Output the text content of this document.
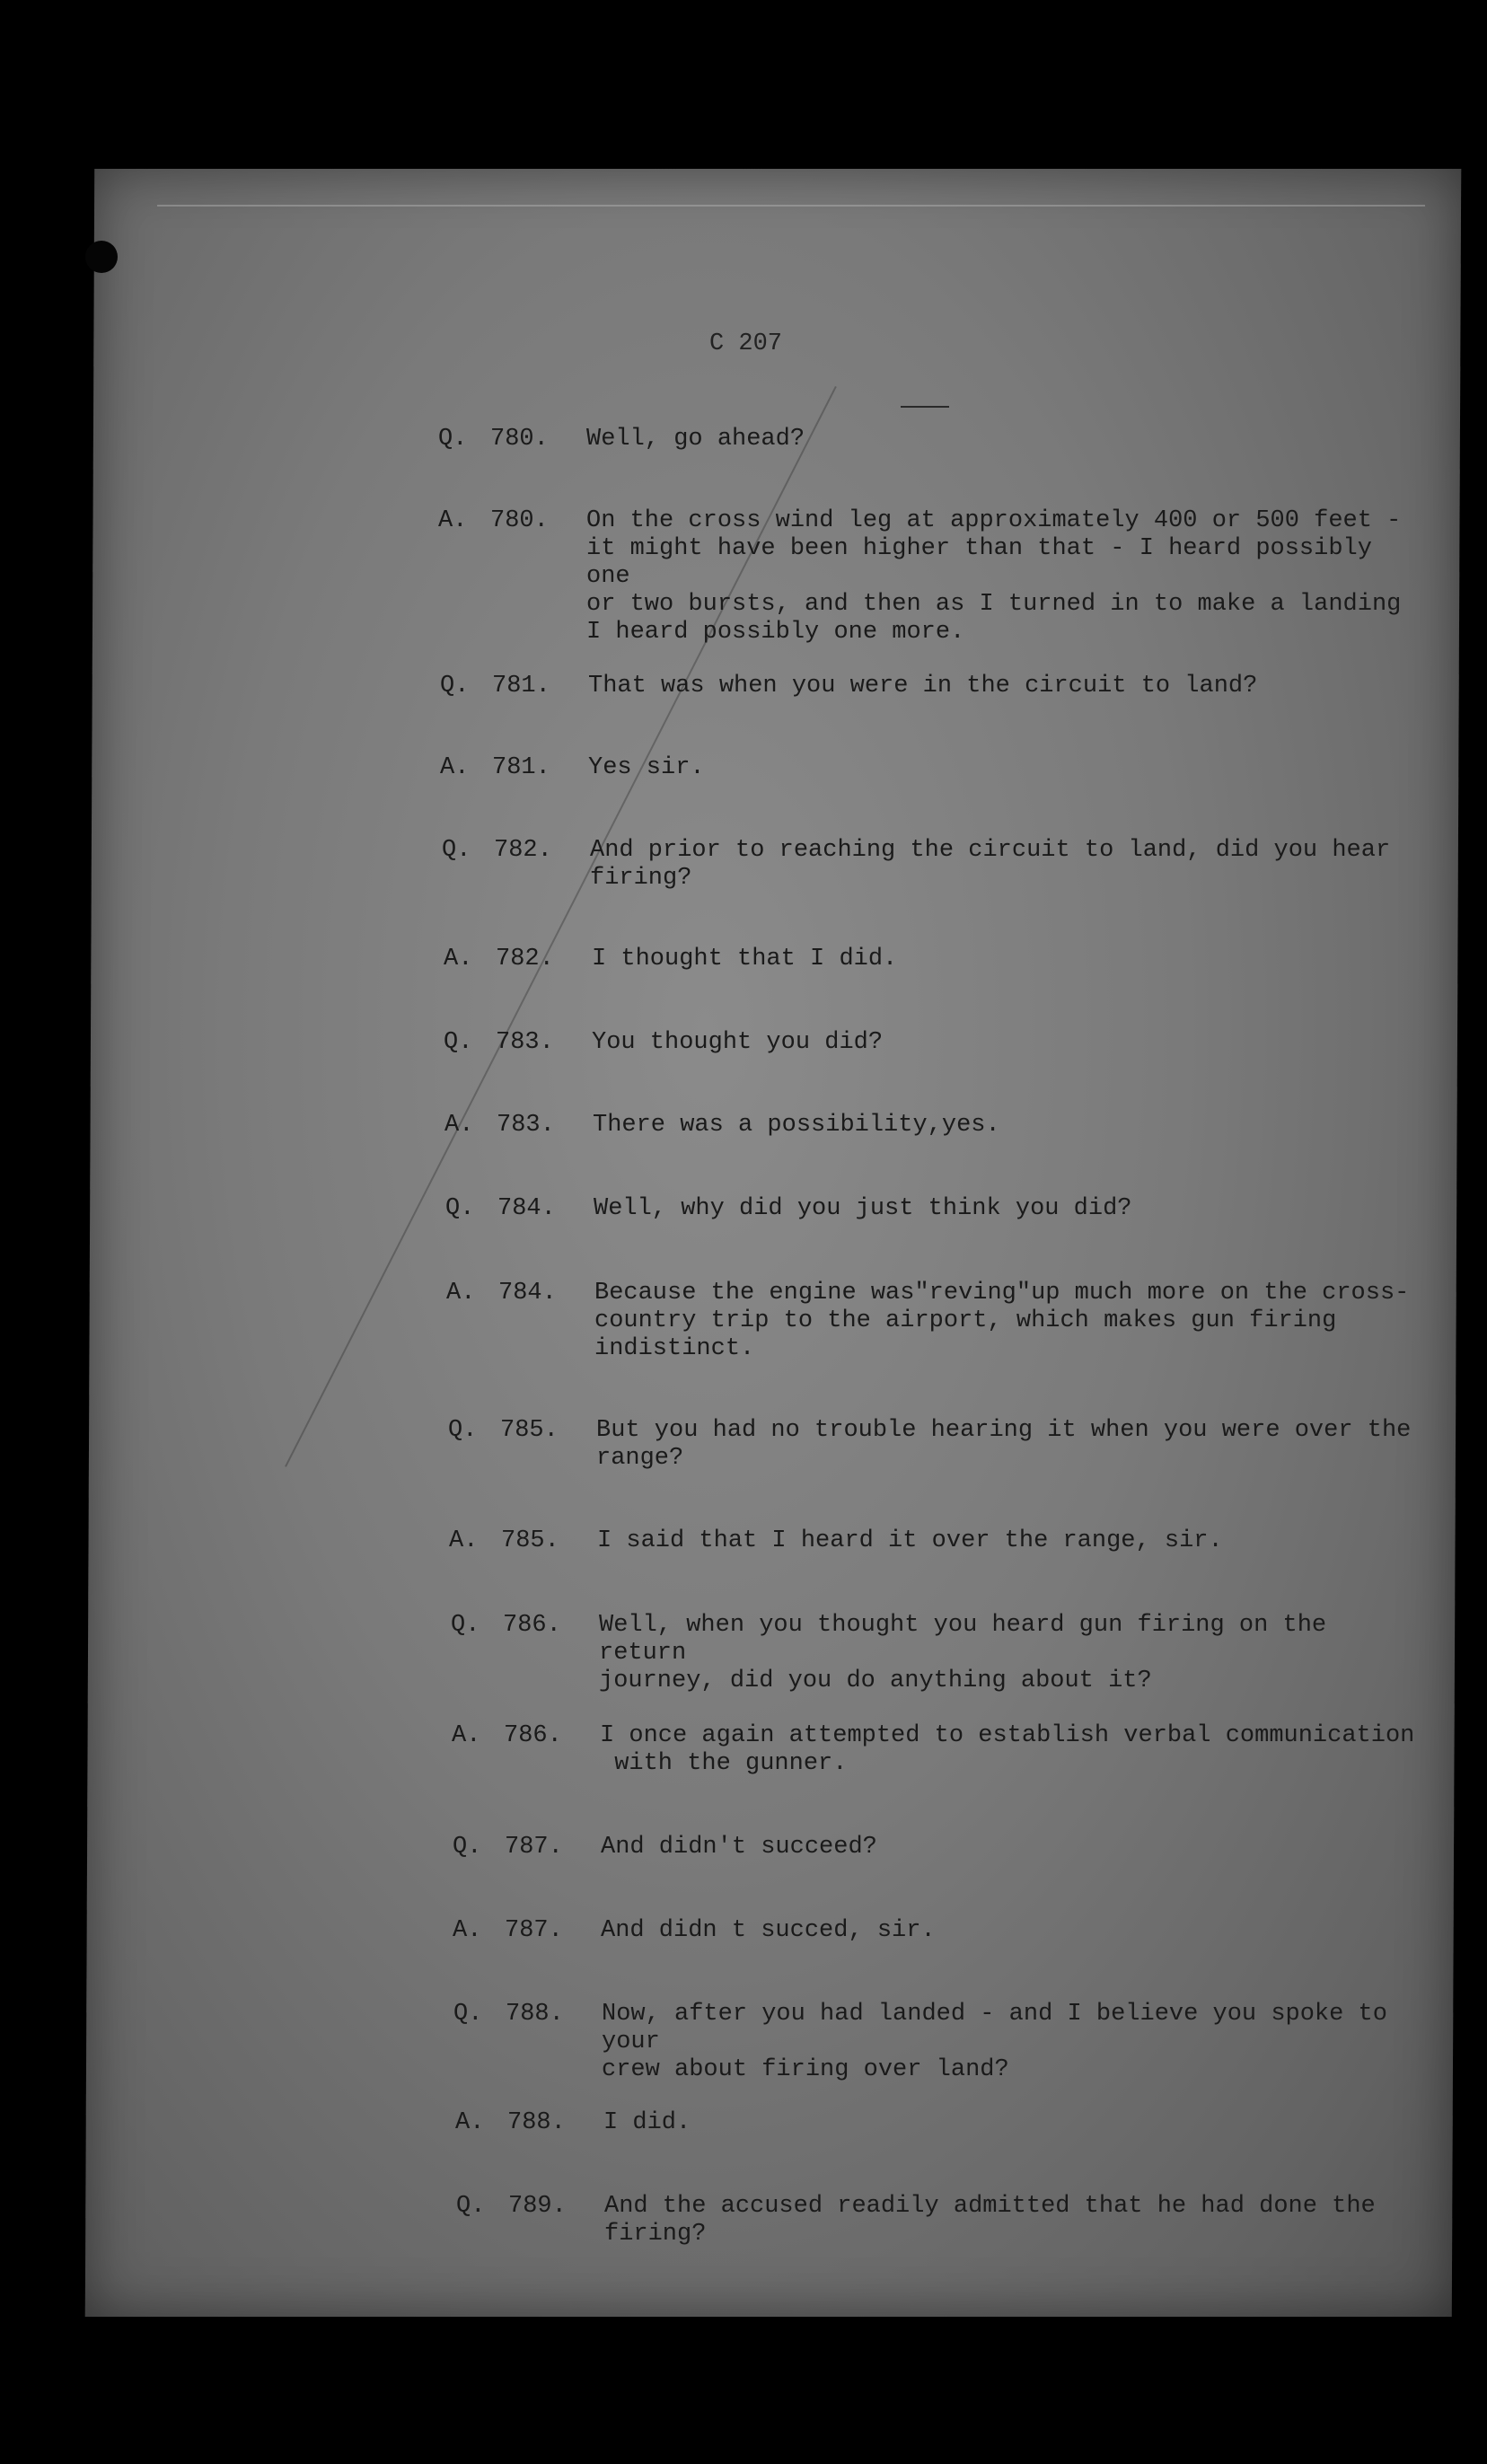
C 207

Q.

780.

Well, go ahead?

A.

780.

On the cross wind leg at approximately 400 or 500 feet -
it might have been higher than that - I heard possibly one
or two bursts, and then as I turned in to make a landing
I heard possibly one more.

Q.

781.

That was when you were in the circuit to land?

A.

781.

Yes sir.

Q.

782.

And prior to reaching the circuit to land, did you hear
firing?

A.

782.

I thought that I did.

Q.

783.

You thought you did?

A.

783.

There was a possibility,yes.

Q.

784.

Well, why did you just think you did?

A.

784.

Because the engine was"reving"up much more on the cross-
country trip to the airport, which makes gun firing
indistinct.

Q.

785.

But you had no trouble hearing it when you were over the
range?

A.

785.

I said that I heard it over the range, sir.

Q.

786.

Well, when you thought you heard gun firing on the return
journey, did you do anything about it?

A.

786.

I once again attempted to establish verbal communication
with the gunner.

Q.

787.

And didn't succeed?

A.

787.

And didn t succed, sir.

Q.

788.

Now, after you had landed - and I believe you spoke to your
crew about firing over land?

A.

788.

I did.

Q.

789.

And the accused readily admitted that he had done the
firing?
